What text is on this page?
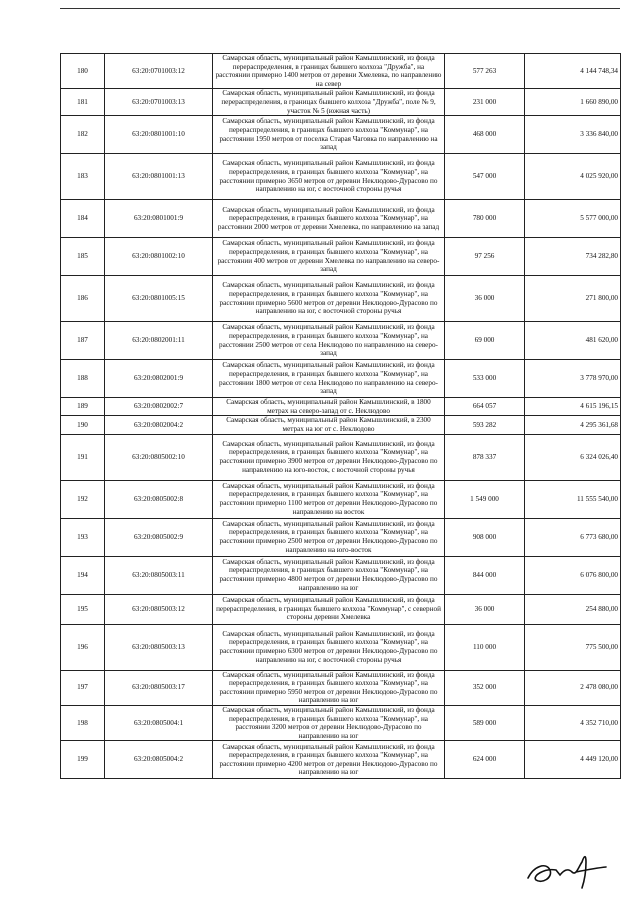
180	63:20:0701003:12	Самарская область, муниципальный район Камышлинский, из фонда перераспределения, в границах бывшего колхоза "Дружба", на расстоянии примерно 1400 метров от деревни Хмелевка, по направлению на север	577 263	4 144 748,34
181	63:20:0701003:13	Самарская область, муниципальный район Камышлинский, из фонда перераспределения, в границах бывшего колхоза "Дружба", поле № 9, участок № 5 (южная часть)	231 000	1 660 890,00
182	63:20:0801001:10	Самарская область, муниципальный район Камышлинский, из фонда перераспределения, в границах бывшего колхоза "Коммунар", на расстоянии 1950 метров от поселка Старая Чаговка по направлению на запад	468 000	3 336 840,00
183	63:20:0801001:13	Самарская область, муниципальный район Камышлинский, из фонда перераспределения, в границах бывшего колхоза "Коммунар", на расстоянии примерно 3650 метров от деревни Неклюдово-Дурасово по направлению на юг, с восточной стороны ручья	547 000	4 025 920,00
184	63:20:0801001:9	Самарская область, муниципальный район Камышлинский, из фонда перераспределения, в границах бывшего колхоза "Коммунар", на расстоянии 2000 метров от деревни Хмелевка, по направлению на запад	780 000	5 577 000,00
185	63:20:0801002:10	Самарская область, муниципальный район Камышлинский, из фонда перераспределения, в границах бывшего колхоза "Коммунар", на расстоянии 400 метров от деревни Хмелевка по направлению на северо-запад	97 256	734 282,80
186	63:20:0801005:15	Самарская область, муниципальный район Камышлинский, из фонда перераспределения, в границах бывшего колхоза "Коммунар", на расстоянии примерно 5600 метров от деревни Неклюдово-Дурасово по направлению на юг, с восточной стороны ручья	36 000	271 800,00
187	63:20:0802001:11	Самарская область, муниципальный район Камышлинский, из фонда перераспределения, в границах бывшего колхоза "Коммунар", на расстоянии 2500 метров от села Неклюдово по направлению на северо-запад	69 000	481 620,00
188	63:20:0802001:9	Самарская область, муниципальный район Камышлинский, из фонда перераспределения, в границах бывшего колхоза "Коммунар", на расстоянии 1800 метров от села Неклюдово по направлению на северо-запад	533 000	3 778 970,00
189	63:20:0802002:7	Самарская область, муниципальный район Камышлинский, в 1800 метрах на северо-запад от с. Неклюдово	664 057	4 615 196,15
190	63:20:0802004:2	Самарская область, муниципальный район Камышлинский, в 2300 метрах на юг от с. Неклюдово	593 282	4 295 361,68
191	63:20:0805002:10	Самарская область, муниципальный район Камышлинский, из фонда перераспределения, в границах бывшего колхоза "Коммунар", на расстоянии примерно 3900 метров от деревни Неклюдово-Дурасово по направлению на юго-восток, с восточной стороны ручья	878 337	6 324 026,40
192	63:20:0805002:8	Самарская область, муниципальный район Камышлинский, из фонда перераспределения, в границах бывшего колхоза "Коммунар", на расстоянии примерно 1100 метров от деревни Неклюдово-Дурасово по направлению на восток	1 549 000	11 555 540,00
193	63:20:0805002:9	Самарская область, муниципальный район Камышлинский, из фонда перераспределения, в границах бывшего колхоза "Коммунар", на расстоянии примерно 2500 метров от деревни Неклюдово-Дурасово по направлению на юго-восток	908 000	6 773 680,00
194	63:20:0805003:11	Самарская область, муниципальный район Камышлинский, из фонда перераспределения, в границах бывшего колхоза "Коммунар", на расстоянии примерно 4800 метров от деревни Неклюдово-Дурасово по направлению на юг	844 000	6 076 800,00
195	63:20:0805003:12	Самарская область, муниципальный район Камышлинский, из фонда перераспределения, в границах бывшего колхоза "Коммунар", с северной стороны деревни Хмелевка	36 000	254 880,00
196	63:20:0805003:13	Самарская область, муниципальный район Камышлинский, из фонда перераспределения, в границах бывшего колхоза "Коммунар", на расстоянии примерно 6300 метров от деревни Неклюдово-Дурасово по направлению на юг, с восточной стороны ручья	110 000	775 500,00
197	63:20:0805003:17	Самарская область, муниципальный район Камышлинский, из фонда перераспределения, в границах бывшего колхоза "Коммунар", на расстоянии примерно 5950 метров от деревни Неклюдово-Дурасово по направлению на юг	352 000	2 478 080,00
198	63:20:0805004:1	Самарская область, муниципальный район Камышлинский, из фонда перераспределения, в границах бывшего колхоза "Коммунар", на расстоянии 3200 метров от деревни Неклюдово-Дурасово по направлению на юг	589 000	4 352 710,00
199	63:20:0805004:2	Самарская область, муниципальный район Камышлинский, из фонда перераспределения, в границах бывшего колхоза "Коммунар", на расстоянии примерно 4200 метров от деревни Неклюдово-Дурасово по направлению на юг	624 000	4 449 120,00
